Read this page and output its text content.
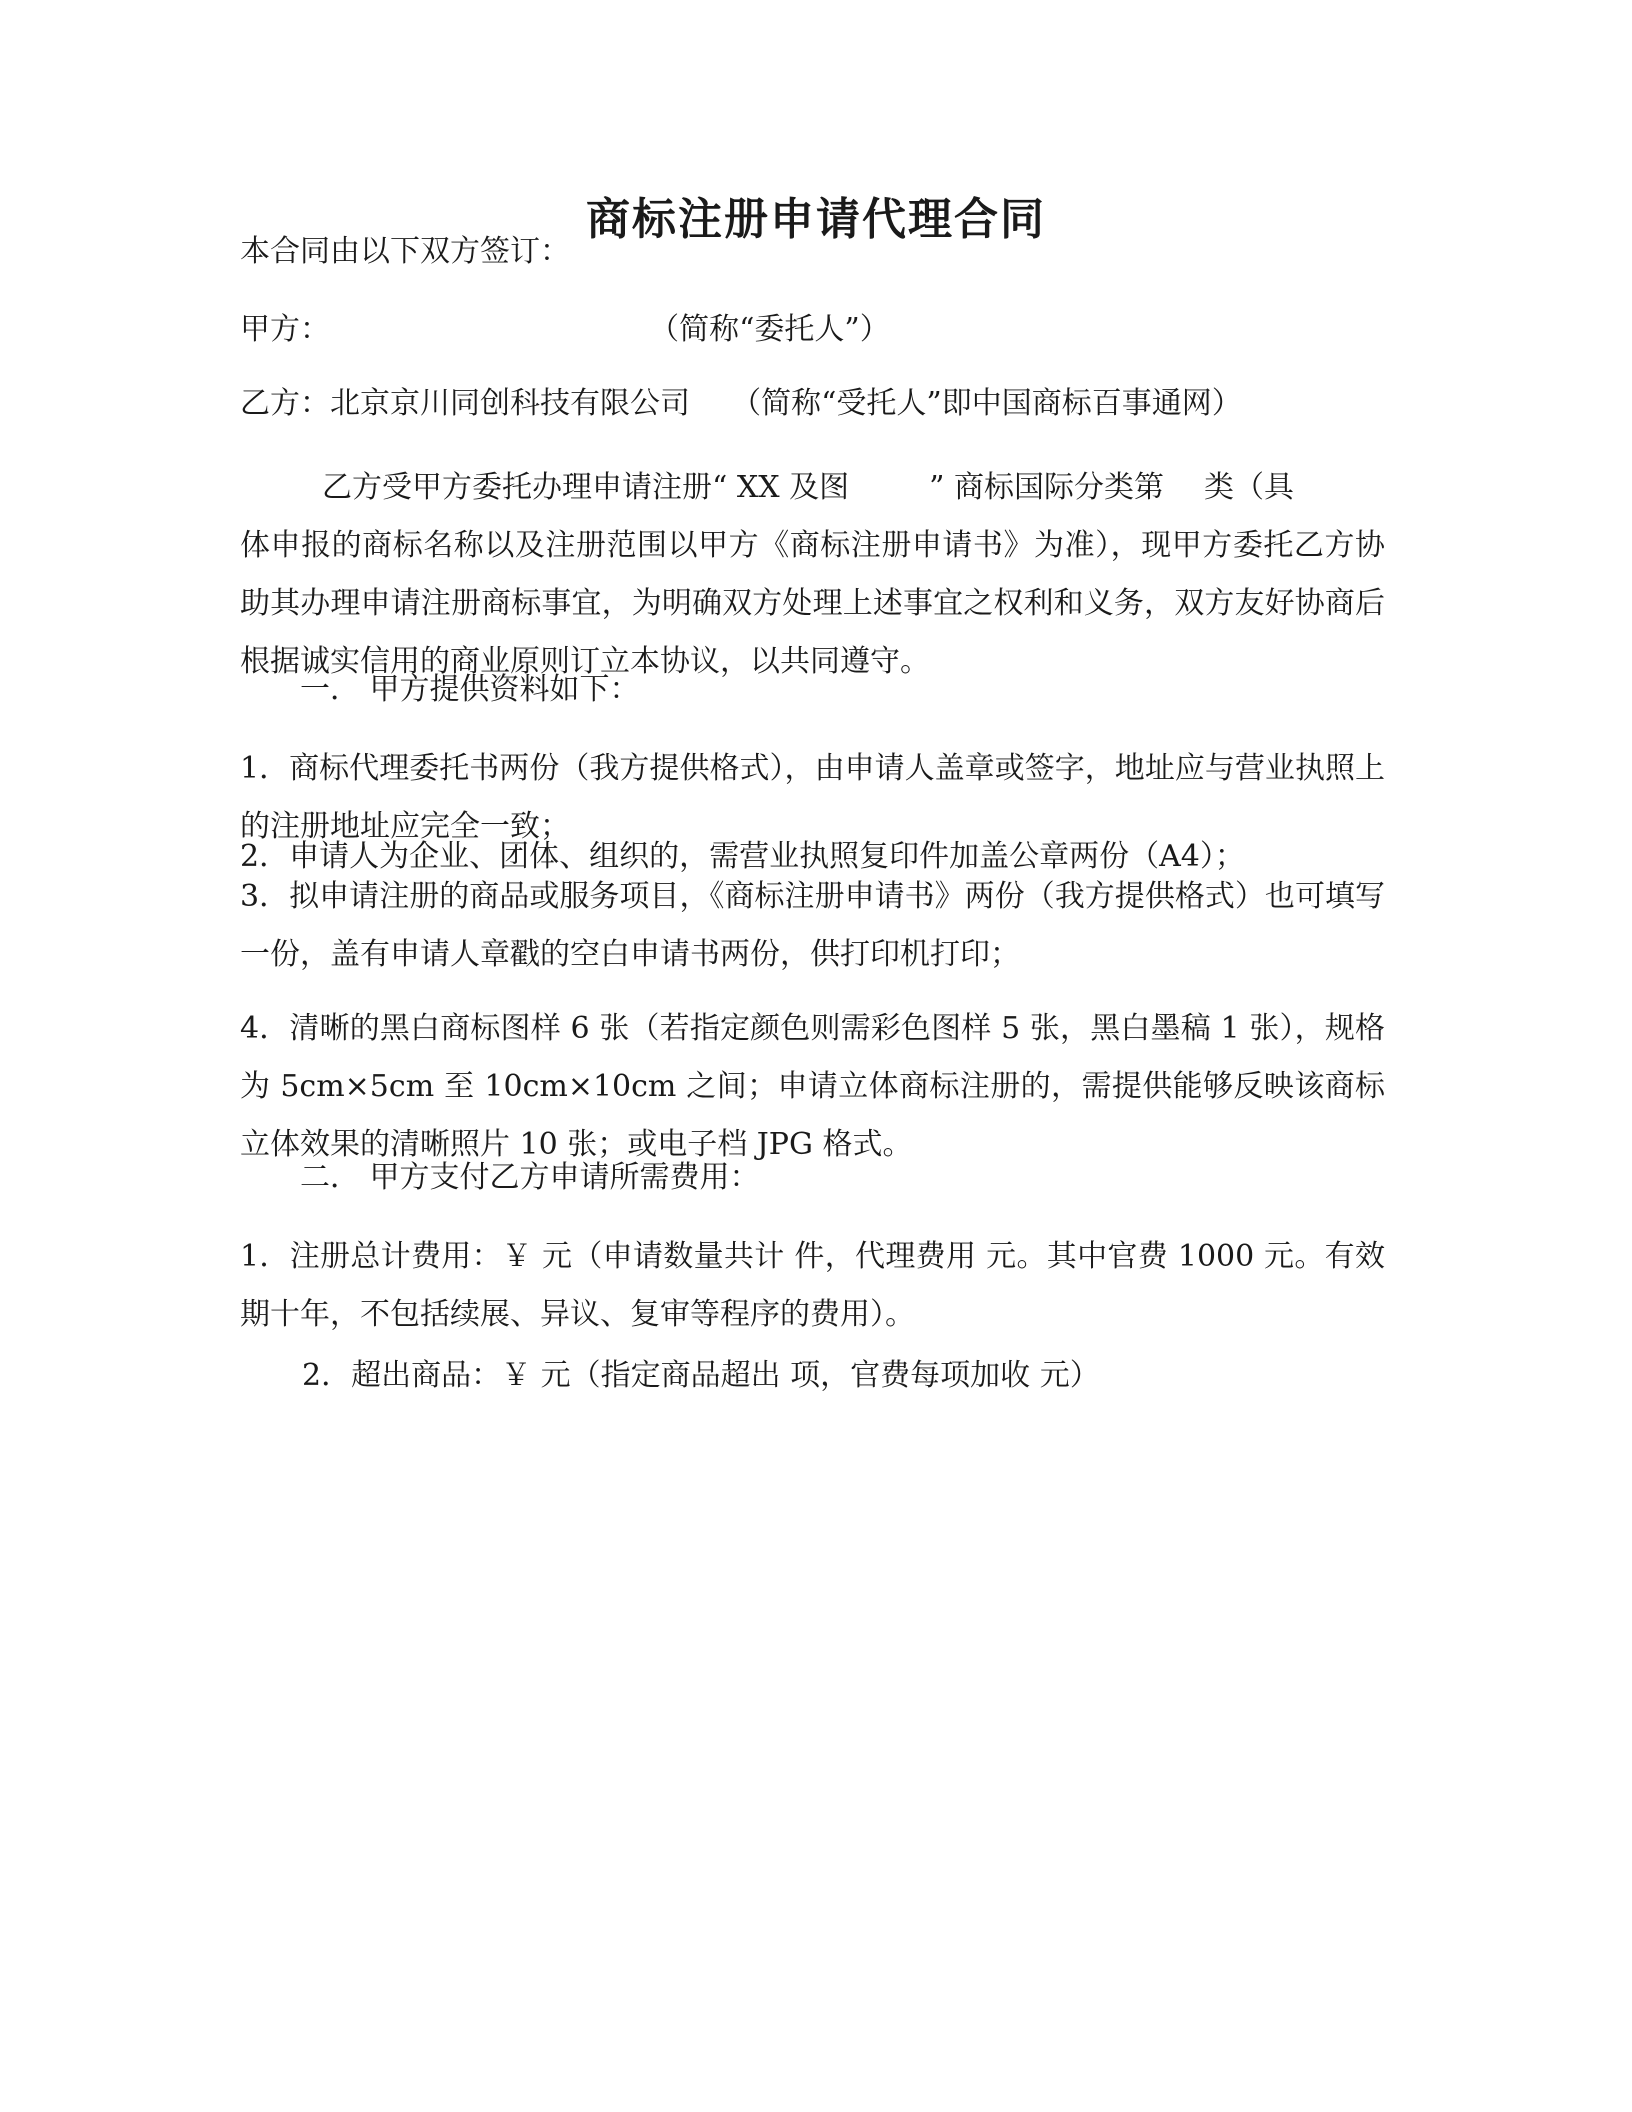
商标注册申请代理合同
本合同由以下双方签订：
甲方：	（简称“委托人”）
乙方：北京京川同创科技有限公司 （简称“受托人”即中国商标百事通网）
乙方受甲方委托办理申请注册“ XX 及图	” 商标国际分类第 类（具
体申报的商标名称以及注册范围以甲方《商标注册申请书》为准），现甲方委托乙方协助其办理申请注册商标事宜，为明确双方处理上述事宜之权利和义务，双方友好协商后根据诚实信用的商业原则订立本协议，以共同遵守。
一． 甲方提供资料如下：
1．商标代理委托书两份（我方提供格式），由申请人盖章或签字，地址应与营业执照上的注册地址应完全一致；
2．申请人为企业、团体、组织的，需营业执照复印件加盖公章两份（A4）；
3．拟申请注册的商品或服务项目，《商标注册申请书》两份（我方提供格式）也可填写一份，盖有申请人章戳的空白申请书两份，供打印机打印；
4．清晰的黑白商标图样 6 张（若指定颜色则需彩色图样 5 张，黑白墨稿 1 张），规格为 5cm×5cm 至 10cm×10cm 之间；申请立体商标注册的，需提供能够反映该商标立体效果的清晰照片 10 张；或电子档 JPG 格式。
二． 甲方支付乙方申请所需费用：
1．注册总计费用：￥ 元（申请数量共计 件，代理费用 元。其中官费 1000 元。有效期十年，不包括续展、异议、复审等程序的费用）。
2．超出商品：￥ 元（指定商品超出 项，官费每项加收 元）
